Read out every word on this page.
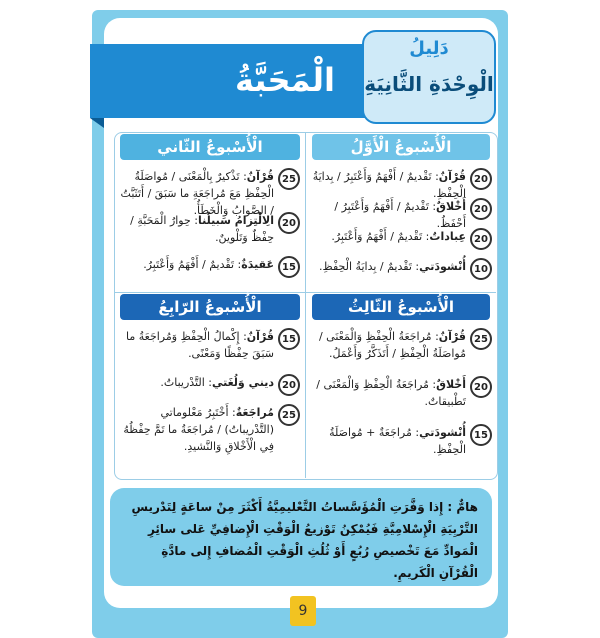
الْمَحَبَّةُ
دَلِيلُ
الْوِحْدَةِ الثَّانِيَةِ
الْأُسْبوعُ الْأَوَّلُ
20
قُرْآنٌ: تَقْديمٌ / أَفْهَمُ وَأَعْتَبِرُ / بِدايَةُ الْحِفْظِ.
20
أَخْلاقٌ: تَقْديمٌ / أَفْهَمُ وَأَعْتَبِرُ / أَحْفَظُ.
20
عِباداتٌ: تَقْديمٌ / أَفْهَمُ وَأَعْتَبِرُ.
10
أُنْشودَتي: تَقْديمٌ / بِدايَةُ الْحِفْظِ.
الْأُسْبوعُ الثّاني
25
قُرْآنٌ: تَذْكيرٌ بِالْمَعْنَى / مُواصَلَةُ الْحِفْظِ مَعَ مُراجَعَةِ ما سَبَقَ / أَتَثَبَّتُ / الصَّوابُ وَالْخَطَأُ.
20
الِالْتِزامُ سَبيلُنا: حِوارُ الْمَحَبَّةِ / حِفْظٌ وَتَلْوينٌ.
15
عَقيدَةٌ: تَقْديمٌ / أَفْهَمُ وَأَعْتَبِرُ.
الْأُسْبوعُ الثّالِثُ
25
قُرْآنٌ: مُراجَعَةُ الْحِفْظِ وَالْمَعْنَى / مُواصَلَةُ الْحِفْظِ / أَتَذَكَّرُ وَأَعْمَلُ.
20
أَخْلاقٌ: مُراجَعَةُ الْحِفْظِ وَالْمَعْنَى / تَطْبيقاتٌ.
15
أُنْشودَتي: مُراجَعَةٌ + مُواصَلَةُ الْحِفْظِ.
الْأُسْبوعُ الرّابِعُ
15
قُرْآنٌ: إِكْمالُ الْحِفْظِ وَمُراجَعَةُ ما سَبَقَ حِفْظًا وَمَعْنًى.
20
ديني وَلُغَتي: التَّدْريباتُ.
25
مُراجَعَةٌ: أَخْتَبِرُ مَعْلوماتي (التَّدْريباتُ) / مُراجَعَةُ ما تَمَّ حِفْظُهُ فِي الْأَخْلاقِ وَالنَّشيدِ.
هامٌّ : إِذا وَفَّرَتِ الْمُؤَسَّساتُ التَّعْليمِيَّةُ أَكْثَرَ مِنْ ساعَةٍ لِتَدْريسِ التَّرْبِيَةِ الْإِسْلامِيَّةِ فَيُمْكِنُ تَوْزيعُ الْوَقْتِ الْإِضافِيِّ عَلى سائِرِ الْمَوادِّ مَعَ تَخْصيصِ رُبُعٍ أَوْ ثُلُثِ الْوَقْتِ الْمُضافِ إِلى مادَّةِ الْقُرْآنِ الْكَريمِ.
9
